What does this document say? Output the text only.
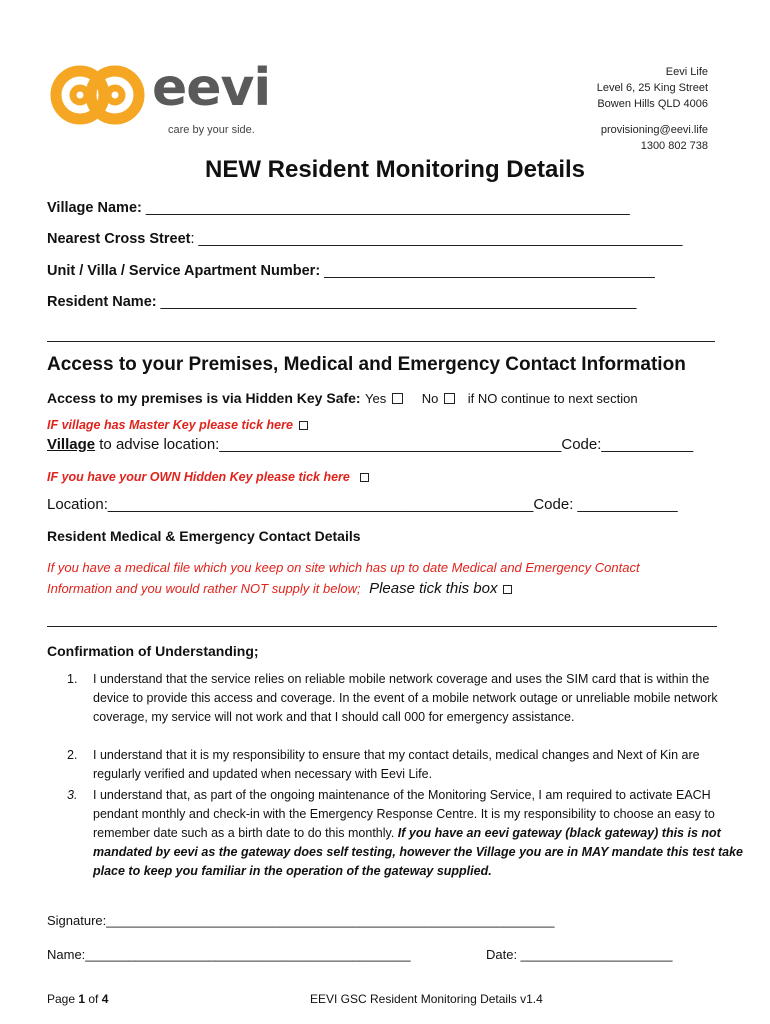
eevi
care by your side.
Eevi Life
Level 6, 25 King Street
Bowen Hills QLD 4006
provisioning@eevi.life
1300 802 738
NEW Resident Monitoring Details
Village Name: ____________________________________________________________
Nearest Cross Street: ____________________________________________________________
Unit / Villa / Service Apartment Number: _________________________________________
Resident Name: ___________________________________________________________
Access to your Premises, Medical and Emergency Contact Information
Access to my premises is via Hidden Key Safe: Yes	No if NO continue to next section
IF village has Master Key please tick here
Village to advise location:_________________________________________Code:___________
IF you have your OWN Hidden Key please tick here
Location:___________________________________________________Code: ____________
Resident Medical & Emergency Contact Details
If you have a medical file which you keep on site which has up to date Medical and Emergency Contact
Information and you would rather NOT supply it below; Please tick this box
Confirmation of Understanding;
1.	I understand that the service relies on reliable mobile network coverage and uses the SIM card that is within the device to provide this access and coverage. In the event of a mobile network outage or unreliable mobile network coverage, my service will not work and that I should call 000 for emergency assistance.
2.	I understand that it is my responsibility to ensure that my contact details, medical changes and Next of Kin are regularly verified and updated when necessary with Eevi Life.
3.	I understand that, as part of the ongoing maintenance of the Monitoring Service, I am required to activate EACH pendant monthly and check-in with the Emergency Response Centre. It is my responsibility to choose an easy to remember date such as a birth date to do this monthly. If you have an eevi gateway (black gateway) this is not mandated by eevi as the gateway does self testing, however the Village you are in MAY mandate this test take place to keep you familiar in the operation of the gateway supplied.
Signature:______________________________________________________________
Name:_____________________________________________	Date: _____________________
Page 1 of 4	EEVI GSC Resident Monitoring Details v1.4
